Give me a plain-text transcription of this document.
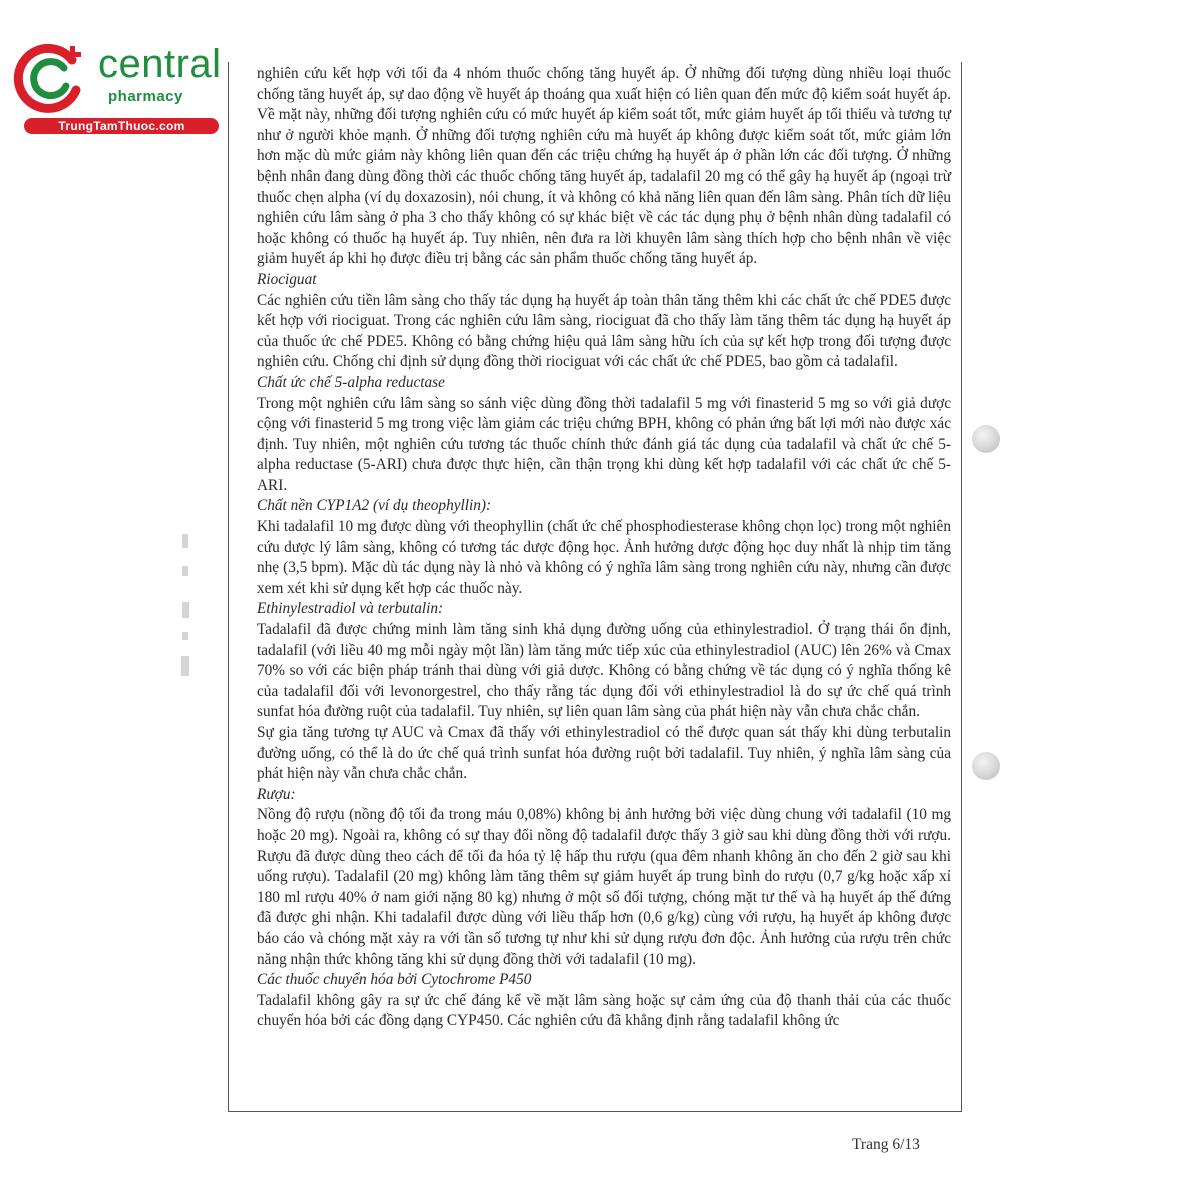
central
pharmacy
TrungTamThuoc.com

nghiên cứu kết hợp với tối đa 4 nhóm thuốc chống tăng huyết áp. Ở những đối tượng dùng nhiều loại thuốc chống tăng huyết áp, sự dao động về huyết áp thoáng qua xuất hiện có liên quan đến mức độ kiểm soát huyết áp. Về mặt này, những đối tượng nghiên cứu có mức huyết áp kiểm soát tốt, mức giảm huyết áp tối thiểu và tương tự như ở người khỏe mạnh. Ở những đối tượng nghiên cứu mà huyết áp không được kiểm soát tốt, mức giảm lớn hơn mặc dù mức giảm này không liên quan đến các triệu chứng hạ huyết áp ở phần lớn các đối tượng. Ở những bệnh nhân đang dùng đồng thời các thuốc chống tăng huyết áp, tadalafil 20 mg có thể gây hạ huyết áp (ngoại trừ thuốc chẹn alpha (ví dụ doxazosin), nói chung, ít và không có khả năng liên quan đến lâm sàng. Phân tích dữ liệu nghiên cứu lâm sàng ở pha 3 cho thấy không có sự khác biệt về các tác dụng phụ ở bệnh nhân dùng tadalafil có hoặc không có thuốc hạ huyết áp. Tuy nhiên, nên đưa ra lời khuyên lâm sàng thích hợp cho bệnh nhân về việc giảm huyết áp khi họ được điều trị bằng các sản phẩm thuốc chống tăng huyết áp.

Riociguat

Các nghiên cứu tiền lâm sàng cho thấy tác dụng hạ huyết áp toàn thân tăng thêm khi các chất ức chế PDE5 được kết hợp với riociguat. Trong các nghiên cứu lâm sàng, riociguat đã cho thấy làm tăng thêm tác dụng hạ huyết áp của thuốc ức chế PDE5. Không có bằng chứng hiệu quả lâm sàng hữu ích của sự kết hợp trong đối tượng được nghiên cứu. Chống chỉ định sử dụng đồng thời riociguat với các chất ức chế PDE5, bao gồm cả tadalafil.

Chất ức chế 5-alpha reductase

Trong một nghiên cứu lâm sàng so sánh việc dùng đồng thời tadalafil 5 mg với finasterid 5 mg so với giả dược cộng với finasterid 5 mg trong việc làm giảm các triệu chứng BPH, không có phản ứng bất lợi mới nào được xác định. Tuy nhiên, một nghiên cứu tương tác thuốc chính thức đánh giá tác dụng của tadalafil và chất ức chế 5-alpha reductase (5-ARI) chưa được thực hiện, cần thận trọng khi dùng kết hợp tadalafil với các chất ức chế 5-ARI.

Chất nền CYP1A2 (ví dụ theophyllin):

Khi tadalafil 10 mg được dùng với theophyllin (chất ức chế phosphodiesterase không chọn lọc) trong một nghiên cứu dược lý lâm sàng, không có tương tác dược động học. Ảnh hưởng dược động học duy nhất là nhịp tim tăng nhẹ (3,5 bpm). Mặc dù tác dụng này là nhỏ và không có ý nghĩa lâm sàng trong nghiên cứu này, nhưng cần được xem xét khi sử dụng kết hợp các thuốc này.

Ethinylestradiol và terbutalin:

Tadalafil đã được chứng minh làm tăng sinh khả dụng đường uống của ethinylestradiol. Ở trạng thái ổn định, tadalafil (với liều 40 mg mỗi ngày một lần) làm tăng mức tiếp xúc của ethinylestradiol (AUC) lên 26% và Cmax 70% so với các biện pháp tránh thai dùng với giả dược. Không có bằng chứng về tác dụng có ý nghĩa thống kê của tadalafil đối với levonorgestrel, cho thấy rằng tác dụng đối với ethinylestradiol là do sự ức chế quá trình sunfat hóa đường ruột của tadalafil. Tuy nhiên, sự liên quan lâm sàng của phát hiện này vẫn chưa chắc chắn.

Sự gia tăng tương tự AUC và Cmax đã thấy với ethinylestradiol có thể được quan sát thấy khi dùng terbutalin đường uống, có thể là do ức chế quá trình sunfat hóa đường ruột bởi tadalafil. Tuy nhiên, ý nghĩa lâm sàng của phát hiện này vẫn chưa chắc chắn.

Rượu:

Nồng độ rượu (nồng độ tối đa trong máu 0,08%) không bị ảnh hưởng bởi việc dùng chung với tadalafil (10 mg hoặc 20 mg). Ngoài ra, không có sự thay đổi nồng độ tadalafil được thấy 3 giờ sau khi dùng đồng thời với rượu. Rượu đã được dùng theo cách để tối đa hóa tỷ lệ hấp thu rượu (qua đêm nhanh không ăn cho đến 2 giờ sau khi uống rượu). Tadalafil (20 mg) không làm tăng thêm sự giảm huyết áp trung bình do rượu (0,7 g/kg hoặc xấp xỉ 180 ml rượu 40% ở nam giới nặng 80 kg) nhưng ở một số đối tượng, chóng mặt tư thế và hạ huyết áp thế đứng đã được ghi nhận. Khi tadalafil được dùng với liều thấp hơn (0,6 g/kg) cùng với rượu, hạ huyết áp không được báo cáo và chóng mặt xảy ra với tần số tương tự như khi sử dụng rượu đơn độc. Ảnh hưởng của rượu trên chức năng nhận thức không tăng khi sử dụng đồng thời với tadalafil (10 mg).

Các thuốc chuyển hóa bởi Cytochrome P450

Tadalafil không gây ra sự ức chế đáng kể về mặt lâm sàng hoặc sự cảm ứng của độ thanh thải của các thuốc chuyển hóa bởi các đồng dạng CYP450. Các nghiên cứu đã khẳng định rằng tadalafil không ức

Trang 6/13
